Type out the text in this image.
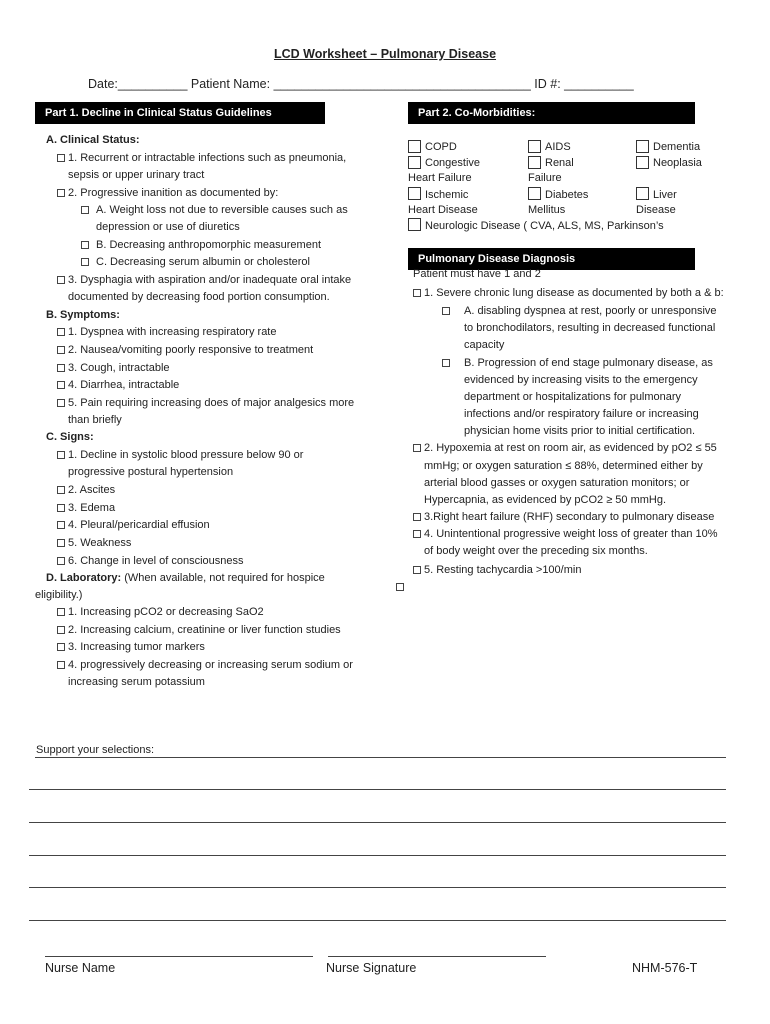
LCD Worksheet – Pulmonary Disease
Date:__________ Patient Name: _____________________________________ ID #: __________
Part 1. Decline in Clinical Status Guidelines	Part 2. Co-Morbidities:
A. Clinical Status:
1. Recurrent or intractable infections such as pneumonia,
sepsis or upper urinary tract
2. Progressive inanition as documented by:
A. Weight loss not due to reversible causes such as
depression or use of diuretics
B. Decreasing anthropomorphic measurement
C. Decreasing serum albumin or cholesterol
3. Dysphagia with aspiration and/or inadequate oral intake
documented by decreasing food portion consumption.
B. Symptoms:
1. Dyspnea with increasing respiratory rate
2. Nausea/vomiting poorly responsive to treatment
3. Cough, intractable
4. Diarrhea, intractable
5. Pain requiring increasing does of major analgesics more
than briefly
C. Signs:
1. Decline in systolic blood pressure below 90 or
progressive postural hypertension
2. Ascites
3. Edema
4. Pleural/pericardial effusion
5. Weakness
6. Change in level of consciousness
D. Laboratory: (When available, not required for hospice
eligibility.)
1. Increasing pCO2 or decreasing SaO2
2. Increasing calcium, creatinine or liver function studies
3. Increasing tumor markers
4. progressively decreasing or increasing serum sodium or
increasing serum potassium
COPD	AIDS	Dementia
Congestive	Renal	Neoplasia
Heart Failure	Failure
Ischemic	Diabetes	Liver
Heart Disease	Mellitus	Disease
Neurologic Disease ( CVA, ALS, MS, Parkinson’s
Pulmonary Disease Diagnosis
Patient must have 1 and 2
1. Severe chronic lung disease as documented by both a & b:
A. disabling dyspnea at rest, poorly or unresponsive
to bronchodilators, resulting in decreased functional
capacity
B. Progression of end stage pulmonary disease, as
evidenced by increasing visits to the emergency
department or hospitalizations for pulmonary
infections and/or respiratory failure or increasing
physician home visits prior to initial certification.
2. Hypoxemia at rest on room air, as evidenced by pO2 ≤ 55
mmHg; or oxygen saturation ≤ 88%, determined either by
arterial blood gasses or oxygen saturation monitors; or
Hypercapnia, as evidenced by pCO2 ≥ 50 mmHg.
3.Right heart failure (RHF) secondary to pulmonary disease
4. Unintentional progressive weight loss of greater than 10%
of body weight over the preceding six months.
5. Resting tachycardia >100/min
Support your selections:
Nurse Name	Nurse Signature	NHM-576-T
